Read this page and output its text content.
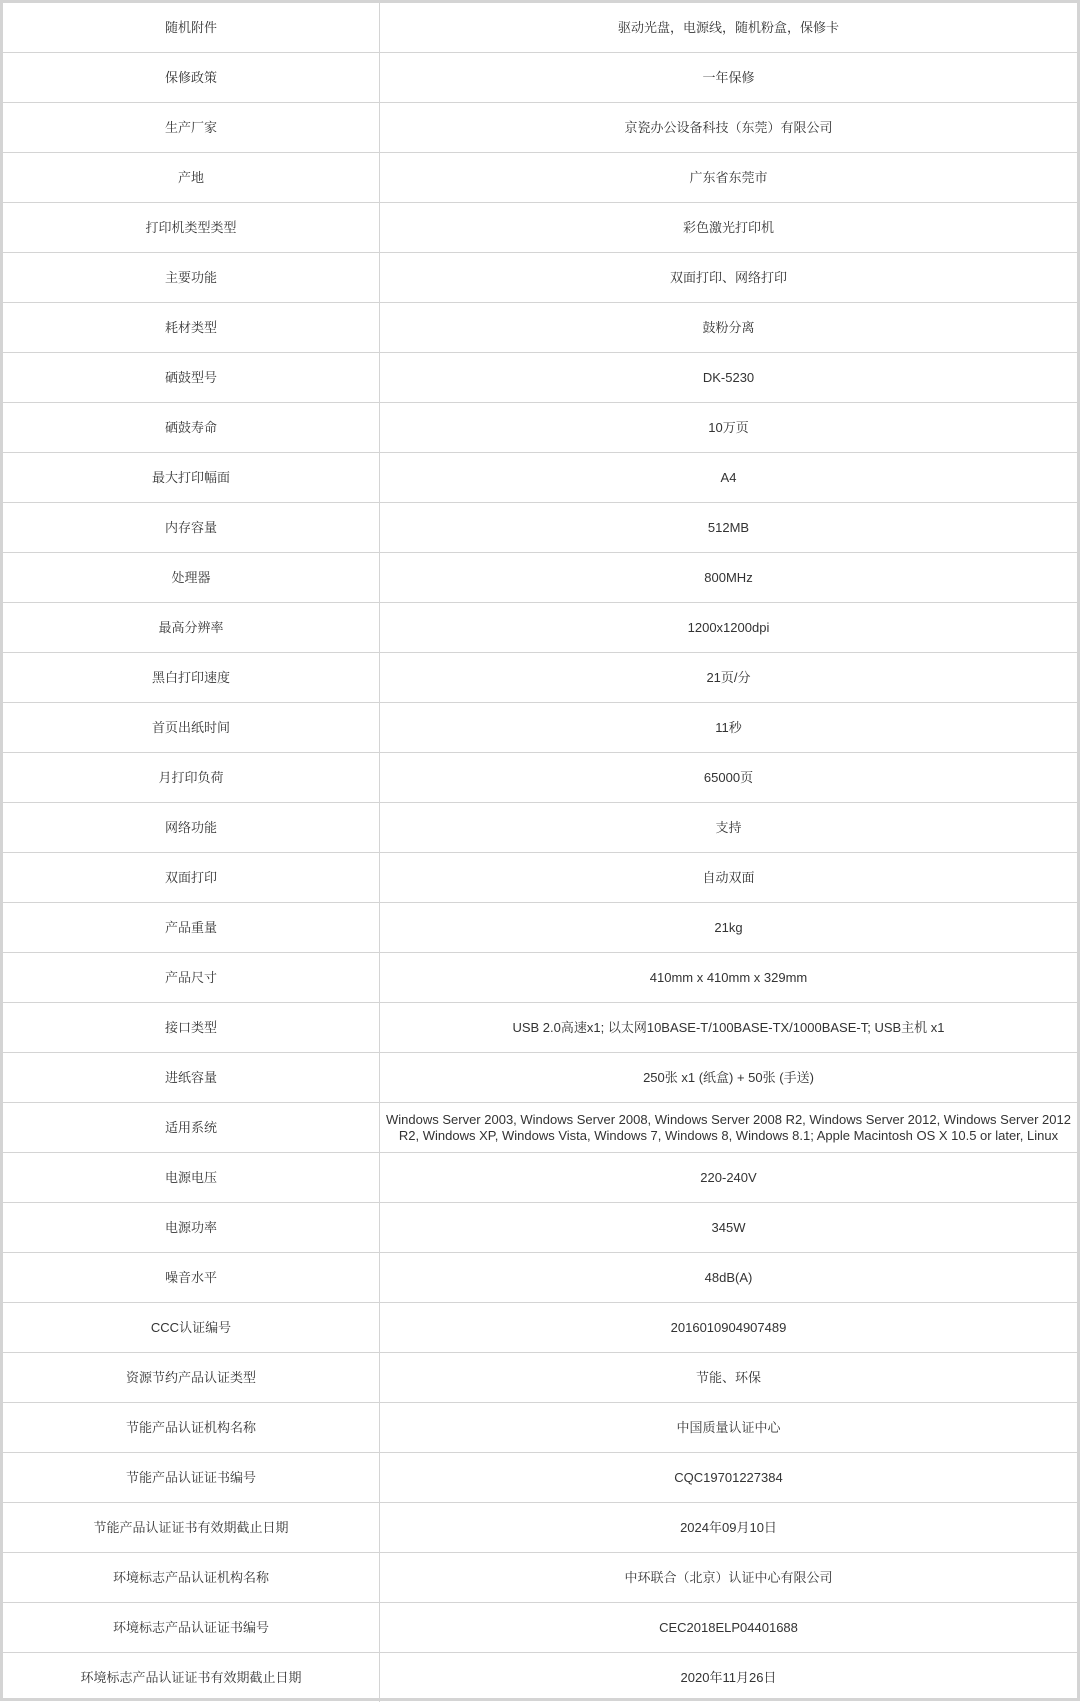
随机附件	驱动光盘，电源线，随机粉盒，保修卡
保修政策	一年保修
生产厂家	京瓷办公设备科技（东莞）有限公司
产地	广东省东莞市
打印机类型类型	彩色激光打印机
主要功能	双面打印、网络打印
耗材类型	鼓粉分离
硒鼓型号	DK-5230
硒鼓寿命	10万页
最大打印幅面	A4
内存容量	512MB
处理器	800MHz
最高分辨率	1200x1200dpi
黑白打印速度	21页/分
首页出纸时间	11秒
月打印负荷	65000页
网络功能	支持
双面打印	自动双面
产品重量	21kg
产品尺寸	410mm x 410mm x 329mm
接口类型	USB 2.0高速x1; 以太网10BASE-T/100BASE-TX/1000BASE-T; USB主机 x1
进纸容量	250张 x1 (纸盒) + 50张 (手送)
适用系统	Windows Server 2003, Windows Server 2008, Windows Server 2008 R2, Windows Server 2012, Windows Server 2012 R2, Windows XP, Windows Vista, Windows 7, Windows 8, Windows 8.1; Apple Macintosh OS X 10.5 or later, Linux
电源电压	220-240V
电源功率	345W
噪音水平	48dB(A)
CCC认证编号	2016010904907489
资源节约产品认证类型	节能、环保
节能产品认证机构名称	中国质量认证中心
节能产品认证证书编号	CQC19701227384
节能产品认证证书有效期截止日期	2024年09月10日
环境标志产品认证机构名称	中环联合（北京）认证中心有限公司
环境标志产品认证证书编号	CEC2018ELP04401688
环境标志产品认证证书有效期截止日期	2020年11月26日
